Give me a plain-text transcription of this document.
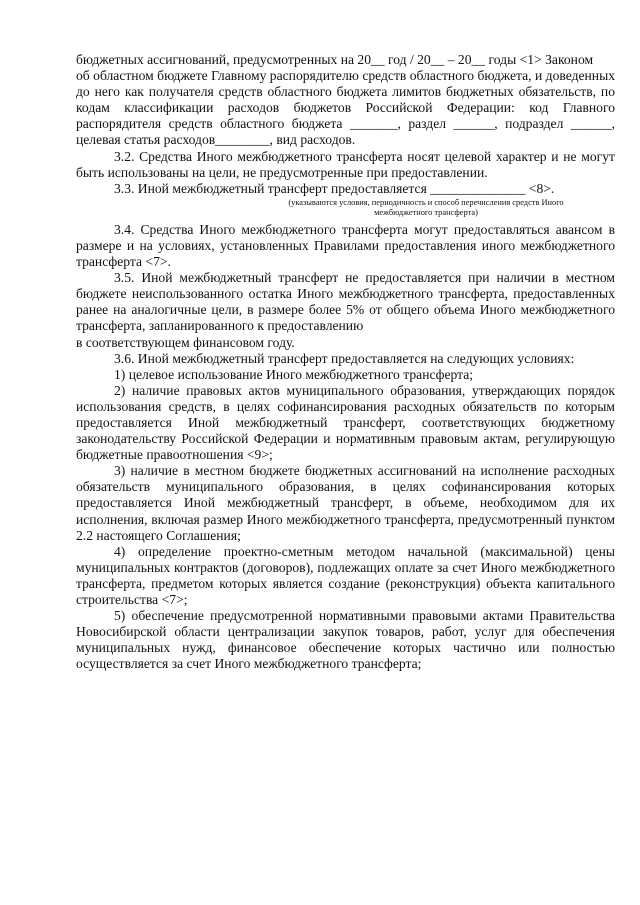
бюджетных ассигнований, предусмотренных на 20__ год / 20__ – 20__ годы <1> Законом

об областном бюджете Главному распорядителю средств областного бюджета, и доведенных до него как получателя средств областного бюджета лимитов бюджетных обязательств, по кодам классификации расходов бюджетов Российской Федерации: код Главного распорядителя средств областного бюджета _______, раздел ______, подраздел ______, целевая статья расходов________, вид расходов.

3.2. Средства Иного межбюджетного трансферта носят целевой характер и не могут быть использованы на цели, не предусмотренные при предоставлении.

3.3. Иной межбюджетный трансферт предоставляется ______________ <8>.

(указываются условия, периодичность и способ перечисления средств Иного межбюджетного трансферта)

3.4. Средства Иного межбюджетного трансферта могут предоставляться авансом в размере и на условиях, установленных Правилами предоставления иного межбюджетного трансферта <7>.

3.5. Иной межбюджетный трансферт не предоставляется при наличии в местном бюджете неиспользованного остатка Иного межбюджетного трансферта, предоставленных ранее на аналогичные цели, в размере более 5% от общего объема Иного межбюджетного трансферта, запланированного к предоставлению

в соответствующем финансовом году.

3.6. Иной межбюджетный трансферт предоставляется на следующих условиях:

1) целевое использование Иного межбюджетного трансферта;

2) наличие правовых актов муниципального образования, утверждающих порядок использования средств, в целях софинансирования расходных обязательств по которым предоставляется Иной межбюджетный трансферт, соответствующих бюджетному законодательству Российской Федерации и нормативным правовым актам, регулирующую бюджетные правоотношения <9>;

3) наличие в местном бюджете бюджетных ассигнований на исполнение расходных обязательств муниципального образования, в целях софинансирования которых предоставляется Иной межбюджетный трансферт, в объеме, необходимом для их исполнения, включая размер Иного межбюджетного трансферта, предусмотренный пунктом 2.2 настоящего Соглашения;

4) определение проектно-сметным методом начальной (максимальной) цены муниципальных контрактов (договоров), подлежащих оплате за счет Иного межбюджетного трансферта, предметом которых является создание (реконструкция) объекта капитального строительства <7>;

5) обеспечение предусмотренной нормативными правовыми актами Правительства Новосибирской области централизации закупок товаров, работ, услуг для обеспечения муниципальных нужд, финансовое обеспечение которых частично или полностью осуществляется за счет Иного межбюджетного трансферта;
